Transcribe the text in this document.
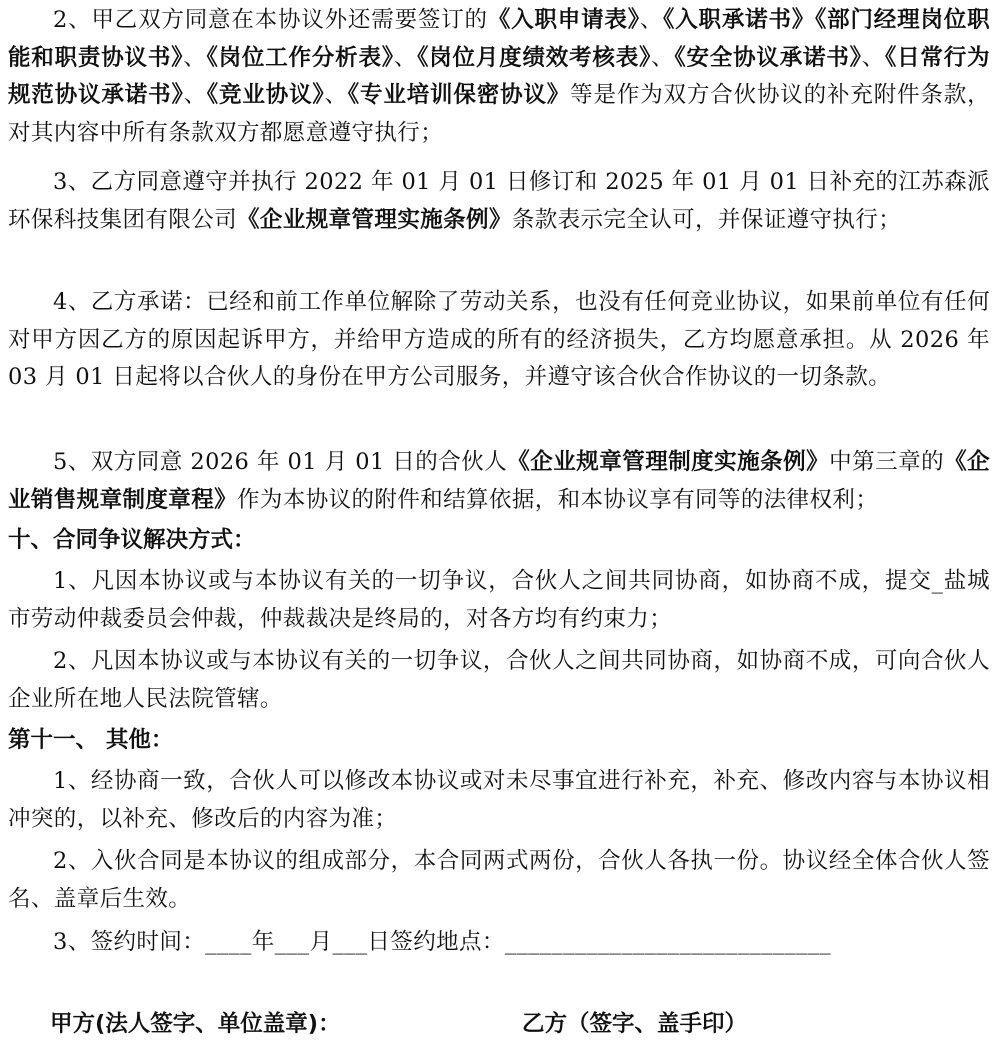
2、甲乙双方同意在本协议外还需要签订的《入职申请表》、《入职承诺书》《部门经理岗位职能和职责协议书》、《岗位工作分析表》、《岗位月度绩效考核表》、《安全协议承诺书》、《日常行为规范协议承诺书》、《竞业协议》、《专业培训保密协议》等是作为双方合伙协议的补充附件条款，对其内容中所有条款双方都愿意遵守执行；

3、乙方同意遵守并执行 2022 年 01 月 01 日修订和 2025 年 01 月 01 日补充的江苏森派环保科技集团有限公司《企业规章管理实施条例》条款表示完全认可，并保证遵守执行；

4、乙方承诺：已经和前工作单位解除了劳动关系，也没有任何竞业协议，如果前单位有任何对甲方因乙方的原因起诉甲方，并给甲方造成的所有的经济损失，乙方均愿意承担。从 2026 年 03 月 01 日起将以合伙人的身份在甲方公司服务，并遵守该合伙合作协议的一切条款。

5、双方同意 2026 年 01 月 01 日的合伙人《企业规章管理制度实施条例》中第三章的《企业销售规章制度章程》作为本协议的附件和结算依据，和本协议享有同等的法律权利；

十、合同争议解决方式：

1、凡因本协议或与本协议有关的一切争议，合伙人之间共同协商，如协商不成，提交_盐城市劳动仲裁委员会仲裁，仲裁裁决是终局的，对各方均有约束力；

2、凡因本协议或与本协议有关的一切争议，合伙人之间共同协商，如协商不成，可向合伙人企业所在地人民法院管辖。

第十一、 其他：

1、经协商一致，合伙人可以修改本协议或对未尽事宜进行补充，补充、修改内容与本协议相冲突的，以补充、修改后的内容为准；

2、入伙合同是本协议的组成部分，本合同两式两份，合伙人各执一份。协议经全体合伙人签名、盖章后生效。

3、签约时间：____年___月___日签约地点：____________________________

甲方(法人签字、单位盖章)：	乙方（签字、盖手印）
